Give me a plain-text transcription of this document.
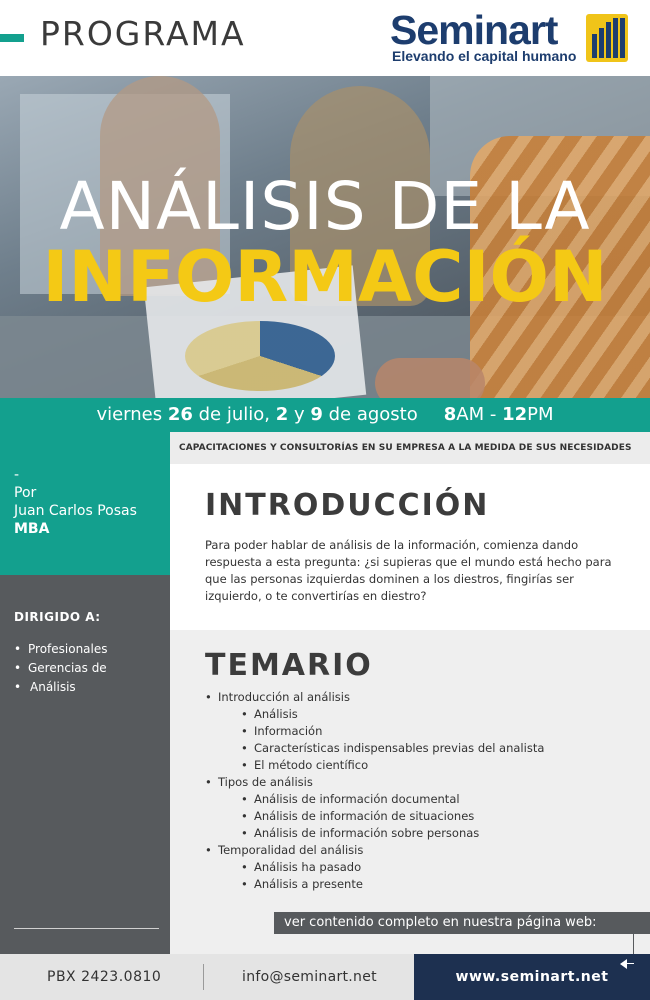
PROGRAMA	Seminart
Elevando el capital humano
ANÁLISIS DE LA
INFORMACIÓN
viernes 26 de julio, 2 y 9 de agosto 8AM - 12PM
-
Por
Juan Carlos Posas
MBA
DIRIGIDO A:
• Profesionales
• Gerencias de
• Análisis
CAPACITACIONES Y CONSULTORÍAS EN SU EMPRESA A LA MEDIDA DE SUS NECESIDADES
INTRODUCCIÓN

Para poder hablar de análisis de la información, comienza dando respuesta a esta pregunta: ¿si supieras que el mundo está hecho para que las personas izquierdas dominen a los diestros, fingirías ser izquierdo, o te convertirías en diestro?

TEMARIO
• Introducción al análisis
• Análisis
• Información
• Características indispensables previas del analista
• El método científico
• Tipos de análisis
• Análisis de información documental
• Análisis de información de situaciones
• Análisis de información sobre personas
• Temporalidad del análisis
• Análisis ha pasado
• Análisis a presente
ver contenido completo en nuestra página web:
PBX 2423.0810	info@seminart.net	www.seminart.net
